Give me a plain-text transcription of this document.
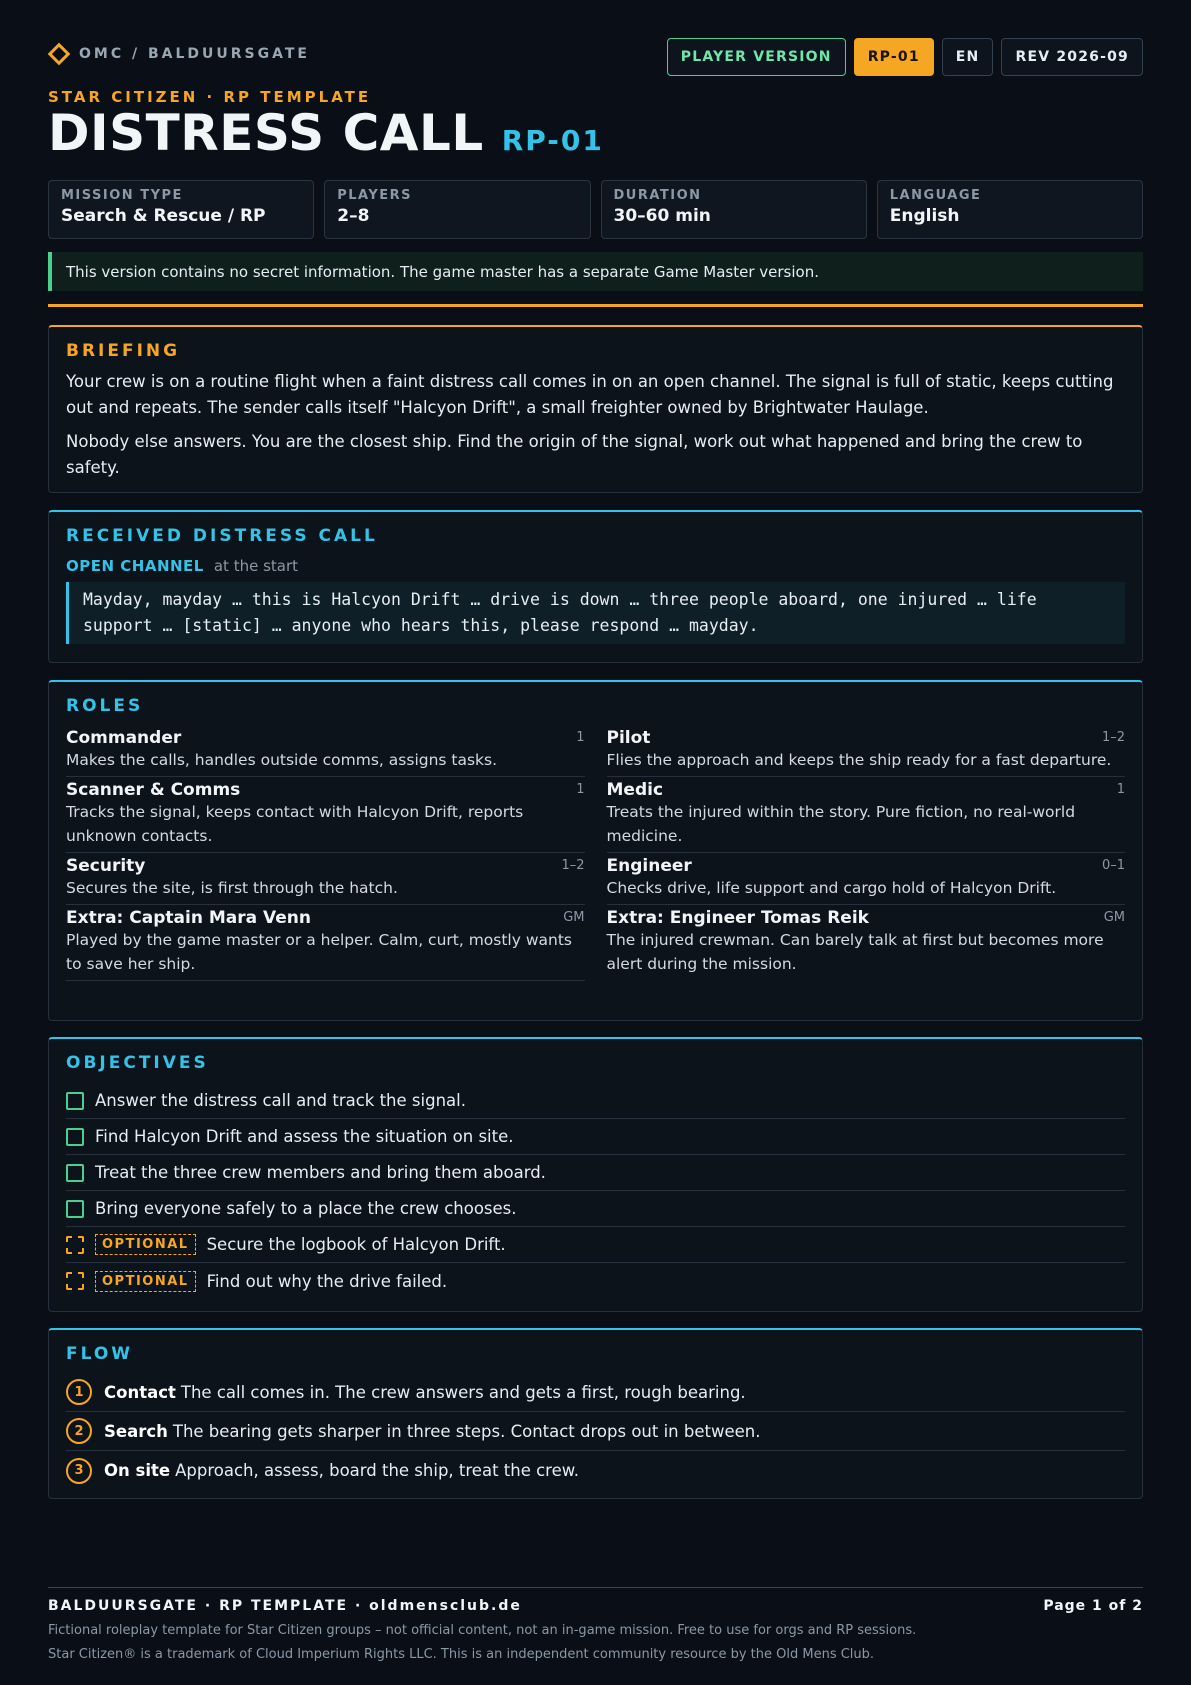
OMC / BALDUURSGATE	PLAYER VERSION	RP-01	EN	REV 2026-09
STAR CITIZEN · RP TEMPLATE
DISTRESS CALL RP-01
MISSION TYPE
Search & Rescue / RP
PLAYERS
2–8
DURATION
30–60 min
LANGUAGE
English
This version contains no secret information. The game master has a separate Game Master version.
BRIEFING

Your crew is on a routine flight when a faint distress call comes in on an open channel. The signal is full of static, keeps cutting out and repeats. The sender calls itself "Halcyon Drift", a small freighter owned by Brightwater Haulage.

Nobody else answers. You are the closest ship. Find the origin of the signal, work out what happened and bring the crew to safety.

RECEIVED DISTRESS CALL
OPEN CHANNEL at the start
Mayday, mayday … this is Halcyon Drift … drive is down … three people aboard, one injured … life support … [static] … anyone who hears this, please respond … mayday.
ROLES
Commander	1
Makes the calls, handles outside comms, assigns tasks.
Pilot	1–2
Flies the approach and keeps the ship ready for a fast departure.
Scanner & Comms	1
Tracks the signal, keeps contact with Halcyon Drift, reports unknown contacts.
Medic	1
Treats the injured within the story. Pure fiction, no real-world medicine.
Security	1–2
Secures the site, is first through the hatch.
Engineer	0–1
Checks drive, life support and cargo hold of Halcyon Drift.
Extra: Captain Mara Venn	GM
Played by the game master or a helper. Calm, curt, mostly wants to save her ship.
Extra: Engineer Tomas Reik	GM
The injured crewman. Can barely talk at first but becomes more alert during the mission.
OBJECTIVES
Answer the distress call and track the signal.
Find Halcyon Drift and assess the situation on site.
Treat the three crew members and bring them aboard.
Bring everyone safely to a place the crew chooses.
OPTIONAL	Secure the logbook of Halcyon Drift.
OPTIONAL	Find out why the drive failed.
FLOW
1	Contact The call comes in. The crew answers and gets a first, rough bearing.
2	Search The bearing gets sharper in three steps. Contact drops out in between.
3	On site Approach, assess, board the ship, treat the crew.
BALDUURSGATE · RP TEMPLATE · oldmensclub.de	Page 1 of 2
Fictional roleplay template for Star Citizen groups – not official content, not an in-game mission. Free to use for orgs and RP sessions.
Star Citizen® is a trademark of Cloud Imperium Rights LLC. This is an independent community resource by the Old Mens Club.
